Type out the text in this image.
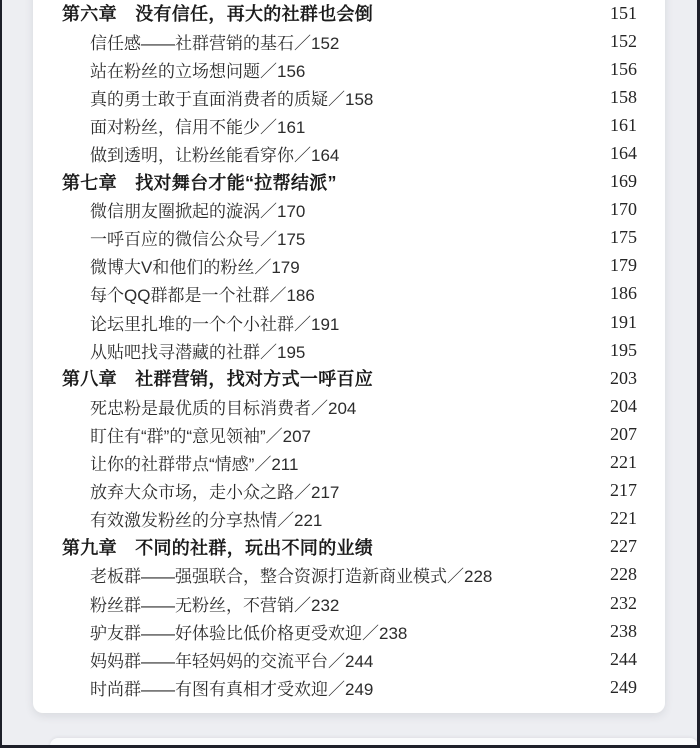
第六章　没有信任，再大的社群也会倒	151
信任感——社群营销的基石／152	152
站在粉丝的立场想问题／156	156
真的勇士敢于直面消费者的质疑／158	158
面对粉丝，信用不能少／161	161
做到透明，让粉丝能看穿你／164	164
第七章　找对舞台才能“拉帮结派”	169
微信朋友圈掀起的漩涡／170	170
一呼百应的微信公众号／175	175
微博大V和他们的粉丝／179	179
每个QQ群都是一个社群／186	186
论坛里扎堆的一个个小社群／191	191
从贴吧找寻潜藏的社群／195	195
第八章　社群营销，找对方式一呼百应	203
死忠粉是最优质的目标消费者／204	204
盯住有“群”的“意见领袖”／207	207
让你的社群带点“情感”／211	221
放弃大众市场，走小众之路／217	217
有效激发粉丝的分享热情／221	221
第九章　不同的社群，玩出不同的业绩	227
老板群——强强联合，整合资源打造新商业模式／228	228
粉丝群——无粉丝，不营销／232	232
驴友群——好体验比低价格更受欢迎／238	238
妈妈群——年轻妈妈的交流平台／244	244
时尚群——有图有真相才受欢迎／249	249
